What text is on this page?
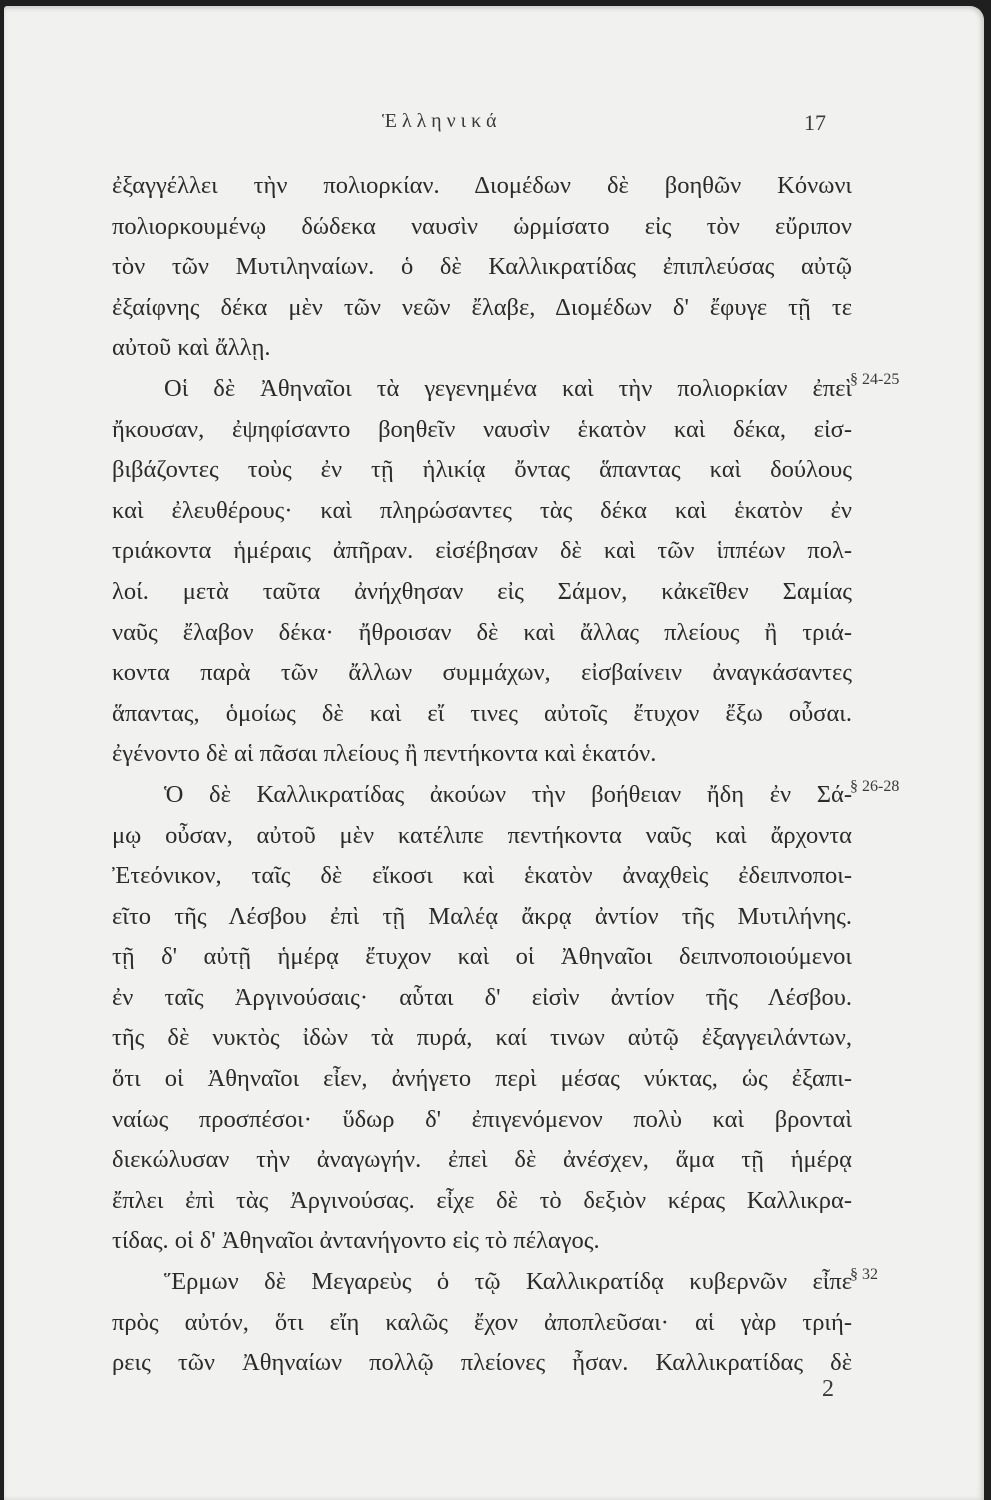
Ἑλληνικά	17
ἐξαγγέλλει τὴν πολιορκίαν. Διομέδων δὲ βοηθῶν Κόνωνι
πολιορκουμένῳ δώδεκα ναυσὶν ὡρμίσατο εἰς τὸν εὔριπον
τὸν τῶν Μυτιληναίων. ὁ δὲ Καλλικρατίδας ἐπιπλεύσας αὐτῷ
ἐξαίφνης δέκα μὲν τῶν νεῶν ἔλαβε, Διομέδων δ' ἔφυγε τῇ τε
αὐτοῦ καὶ ἄλλῃ.
Οἱ δὲ Ἀθηναῖοι τὰ γεγενημένα καὶ τὴν πολιορκίαν ἐπεὶ
ἤκουσαν, ἐψηφίσαντο βοηθεῖν ναυσὶν ἑκατὸν καὶ δέκα, εἰσ-
βιβάζοντες τοὺς ἐν τῇ ἡλικίᾳ ὄντας ἅπαντας καὶ δούλους
καὶ ἐλευθέρους· καὶ πληρώσαντες τὰς δέκα καὶ ἑκατὸν ἐν
τριάκοντα ἡμέραις ἀπῆραν. εἰσέβησαν δὲ καὶ τῶν ἱππέων πολ-
λοί. μετὰ ταῦτα ἀνήχθησαν εἰς Σάμον, κἀκεῖθεν Σαμίας
ναῦς ἔλαβον δέκα· ἤθροισαν δὲ καὶ ἄλλας πλείους ἢ τριά-
κοντα παρὰ τῶν ἄλλων συμμάχων, εἰσβαίνειν ἀναγκάσαντες
ἅπαντας, ὁμοίως δὲ καὶ εἴ τινες αὐτοῖς ἔτυχον ἔξω οὖσαι.
ἐγένοντο δὲ αἱ πᾶσαι πλείους ἢ πεντήκοντα καὶ ἑκατόν.
Ὁ δὲ Καλλικρατίδας ἀκούων τὴν βοήθειαν ἤδη ἐν Σά-
μῳ οὖσαν, αὐτοῦ μὲν κατέλιπε πεντήκοντα ναῦς καὶ ἄρχοντα
Ἐτεόνικον, ταῖς δὲ εἴκοσι καὶ ἑκατὸν ἀναχθεὶς ἐδειπνοποι-
εῖτο τῆς Λέσβου ἐπὶ τῇ Μαλέᾳ ἄκρᾳ ἀντίον τῆς Μυτιλήνης.
τῇ δ' αὐτῇ ἡμέρᾳ ἔτυχον καὶ οἱ Ἀθηναῖοι δειπνοποιούμενοι
ἐν ταῖς Ἀργινούσαις· αὗται δ' εἰσὶν ἀντίον τῆς Λέσβου.
τῆς δὲ νυκτὸς ἰδὼν τὰ πυρά, καί τινων αὐτῷ ἐξαγγειλάντων,
ὅτι οἱ Ἀθηναῖοι εἶεν, ἀνήγετο περὶ μέσας νύκτας, ὡς ἐξαπι-
ναίως προσπέσοι· ὕδωρ δ' ἐπιγενόμενον πολὺ καὶ βρονταὶ
διεκώλυσαν τὴν ἀναγωγήν. ἐπεὶ δὲ ἀνέσχεν, ἅμα τῇ ἡμέρᾳ
ἔπλει ἐπὶ τὰς Ἀργινούσας. εἶχε δὲ τὸ δεξιὸν κέρας Καλλικρα-
τίδας. οἱ δ' Ἀθηναῖοι ἀντανήγοντο εἰς τὸ πέλαγος.
Ἕρμων δὲ Μεγαρεὺς ὁ τῷ Καλλικρατίδᾳ κυβερνῶν εἶπε
πρὸς αὐτόν, ὅτι εἴη καλῶς ἔχον ἀποπλεῦσαι· αἱ γὰρ τριή-
ρεις τῶν Ἀθηναίων πολλῷ πλείονες ἦσαν. Καλλικρατίδας δὲ
§ 24-25
§ 26-28
§ 32
2
